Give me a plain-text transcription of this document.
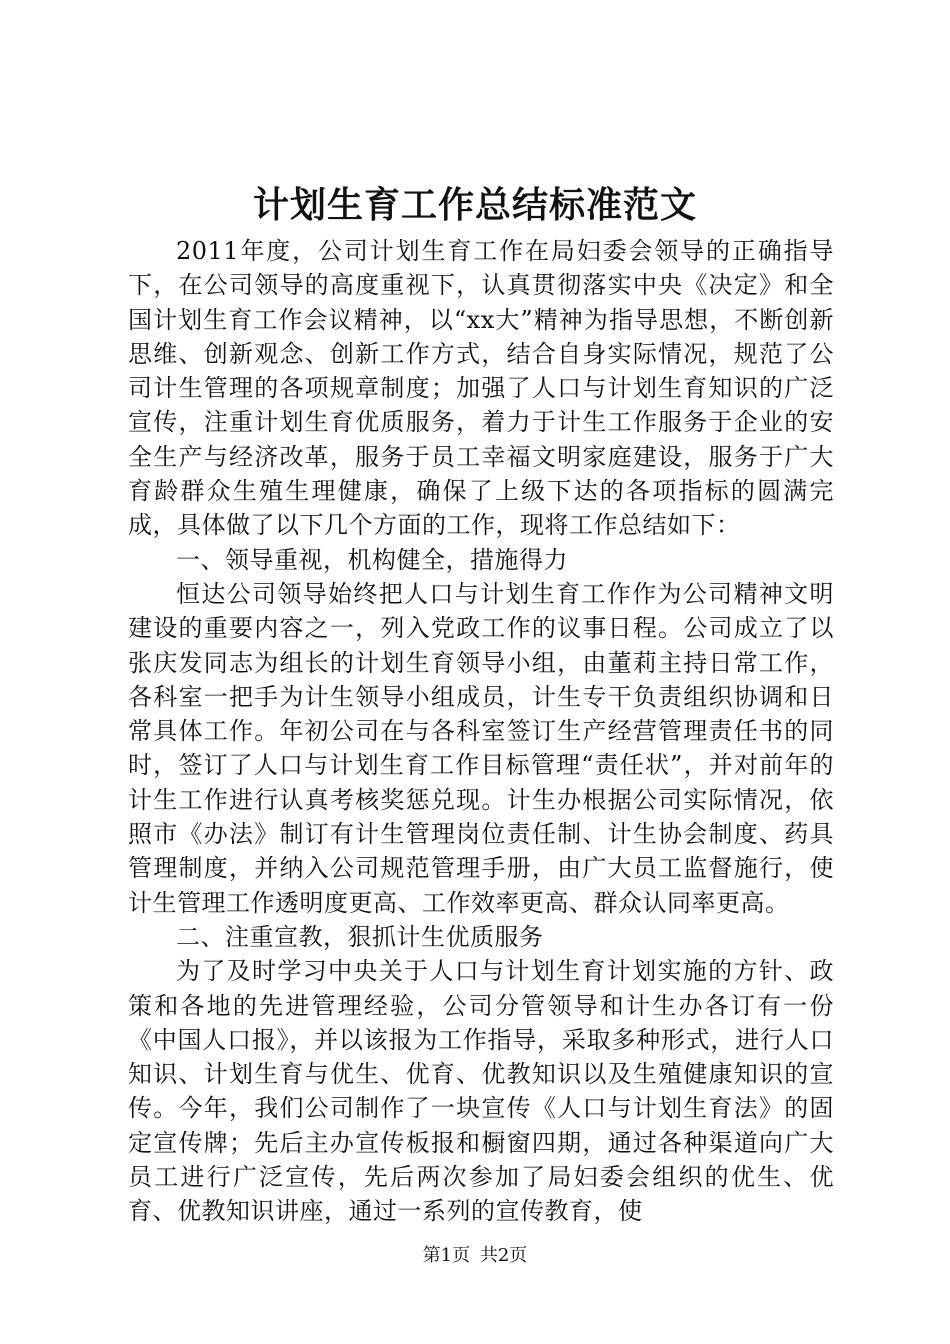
计划生育工作总结标准范文

2011年度，公司计划生育工作在局妇委会领导的正确指导下，在公司领导的高度重视下，认真贯彻落实中央《决定》和全国计划生育工作会议精神，以“xx大”精神为指导思想，不断创新思维、创新观念、创新工作方式，结合自身实际情况，规范了公司计生管理的各项规章制度；加强了人口与计划生育知识的广泛宣传，注重计划生育优质服务，着力于计生工作服务于企业的安全生产与经济改革，服务于员工幸福文明家庭建设，服务于广大育龄群众生殖生理健康，确保了上级下达的各项指标的圆满完成，具体做了以下几个方面的工作，现将工作总结如下：

一、领导重视，机构健全，措施得力

恒达公司领导始终把人口与计划生育工作作为公司精神文明建设的重要内容之一，列入党政工作的议事日程。公司成立了以张庆发同志为组长的计划生育领导小组，由董莉主持日常工作，各科室一把手为计生领导小组成员，计生专干负责组织协调和日常具体工作。年初公司在与各科室签订生产经营管理责任书的同时，签订了人口与计划生育工作目标管理“责任状”，并对前年的计生工作进行认真考核奖惩兑现。计生办根据公司实际情况，依照市《办法》制订有计生管理岗位责任制、计生协会制度、药具管理制度，并纳入公司规范管理手册，由广大员工监督施行，使计生管理工作透明度更高、工作效率更高、群众认同率更高。

二、注重宣教，狠抓计生优质服务

为了及时学习中央关于人口与计划生育计划实施的方针、政策和各地的先进管理经验，公司分管领导和计生办各订有一份《中国人口报》，并以该报为工作指导，采取多种形式，进行人口知识、计划生育与优生、优育、优教知识以及生殖健康知识的宣传。今年，我们公司制作了一块宣传《人口与计划生育法》的固定宣传牌；先后主办宣传板报和橱窗四期，通过各种渠道向广大员工进行广泛宣传，先后两次参加了局妇委会组织的优生、优育、优教知识讲座，通过一系列的宣传教育，使

第1页 共2页
